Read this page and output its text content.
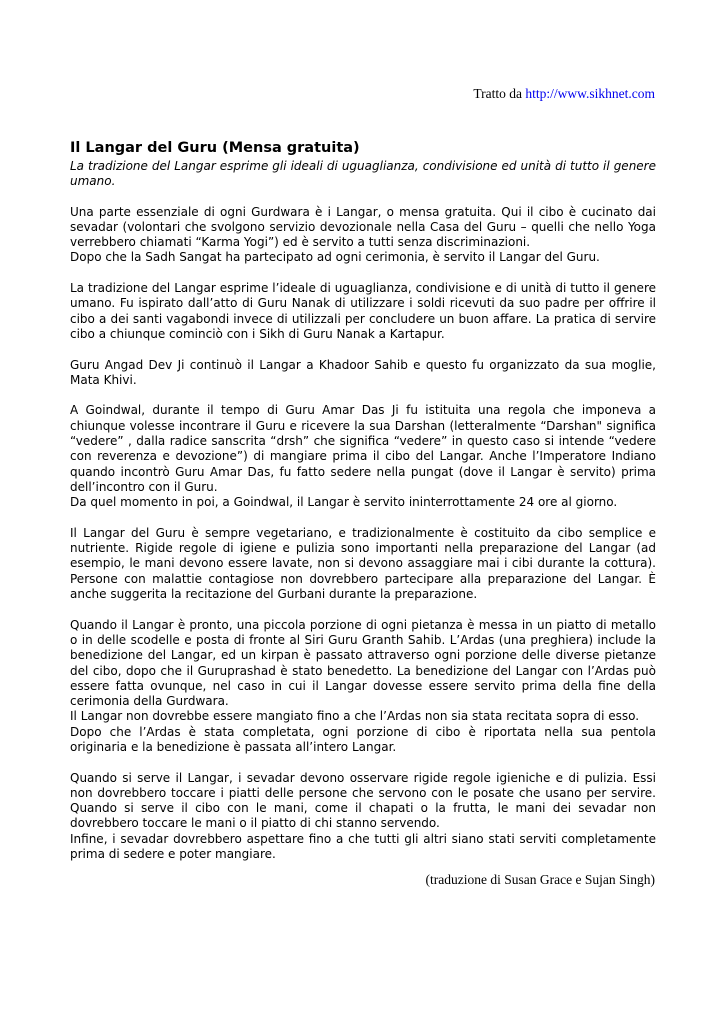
Tratto da http://www.sikhnet.com
Il Langar del Guru (Mensa gratuita)
La tradizione del Langar esprime gli ideali di uguaglianza, condivisione ed unità di tutto il genere umano.

Una parte essenziale di ogni Gurdwara è i Langar, o mensa gratuita. Qui il cibo è cucinato dai sevadar (volontari che svolgono servizio devozionale nella Casa del Guru – quelli che nello Yoga verrebbero chiamati “Karma Yogi”) ed è servito a tutti senza discriminazioni.
Dopo che la Sadh Sangat ha partecipato ad ogni cerimonia, è servito il Langar del Guru.

La tradizione del Langar esprime l’ideale di uguaglianza, condivisione e di unità di tutto il genere umano. Fu ispirato dall’atto di Guru Nanak di utilizzare i soldi ricevuti da suo padre per offrire il cibo a dei santi vagabondi invece di utilizzali per concludere un buon affare. La pratica di servire cibo a chiunque cominciò con i Sikh di Guru Nanak a Kartapur.

Guru Angad Dev Ji continuò il Langar a Khadoor Sahib e questo fu organizzato da sua moglie, Mata Khivi.

A Goindwal, durante il tempo di Guru Amar Das Ji fu istituita una regola che imponeva a chiunque volesse incontrare il Guru e ricevere la sua Darshan (letteralmente “Darshan" significa “vedere” , dalla radice sanscrita “drsh” che significa “vedere” in questo caso si intende “vedere con reverenza e devozione”) di mangiare prima il cibo del Langar. Anche l’Imperatore Indiano quando incontrò Guru Amar Das, fu fatto sedere nella pungat (dove il Langar è servito) prima dell’incontro con il Guru.
Da quel momento in poi, a Goindwal, il Langar è servito ininterrottamente 24 ore al giorno.

Il Langar del Guru è sempre vegetariano, e tradizionalmente è costituito da cibo semplice e nutriente. Rigide regole di igiene e pulizia sono importanti nella preparazione del Langar (ad esempio, le mani devono essere lavate, non si devono assaggiare mai i cibi durante la cottura). Persone con malattie contagiose non dovrebbero partecipare alla preparazione del Langar. È anche suggerita la recitazione del Gurbani durante la preparazione.

Quando il Langar è pronto, una piccola porzione di ogni pietanza è messa in un piatto di metallo o in delle scodelle e posta di fronte al Siri Guru Granth Sahib. L’Ardas (una preghiera) include la benedizione del Langar, ed un kirpan è passato attraverso ogni porzione delle diverse pietanze del cibo, dopo che il Guruprashad è stato benedetto. La benedizione del Langar con l’Ardas può essere fatta ovunque, nel caso in cui il Langar dovesse essere servito prima della fine della cerimonia della Gurdwara.
Il Langar non dovrebbe essere mangiato fino a che l’Ardas non sia stata recitata sopra di esso.
Dopo che l’Ardas è stata completata, ogni porzione di cibo è riportata nella sua pentola originaria e la benedizione è passata all’intero Langar.

Quando si serve il Langar, i sevadar devono osservare rigide regole igieniche e di pulizia. Essi non dovrebbero toccare i piatti delle persone che servono con le posate che usano per servire. Quando si serve il cibo con le mani, come il chapati o la frutta, le mani dei sevadar non dovrebbero toccare le mani o il piatto di chi stanno servendo.
Infine, i sevadar dovrebbero aspettare fino a che tutti gli altri siano stati serviti completamente prima di sedere e poter mangiare.

(traduzione di Susan Grace e Sujan Singh)
